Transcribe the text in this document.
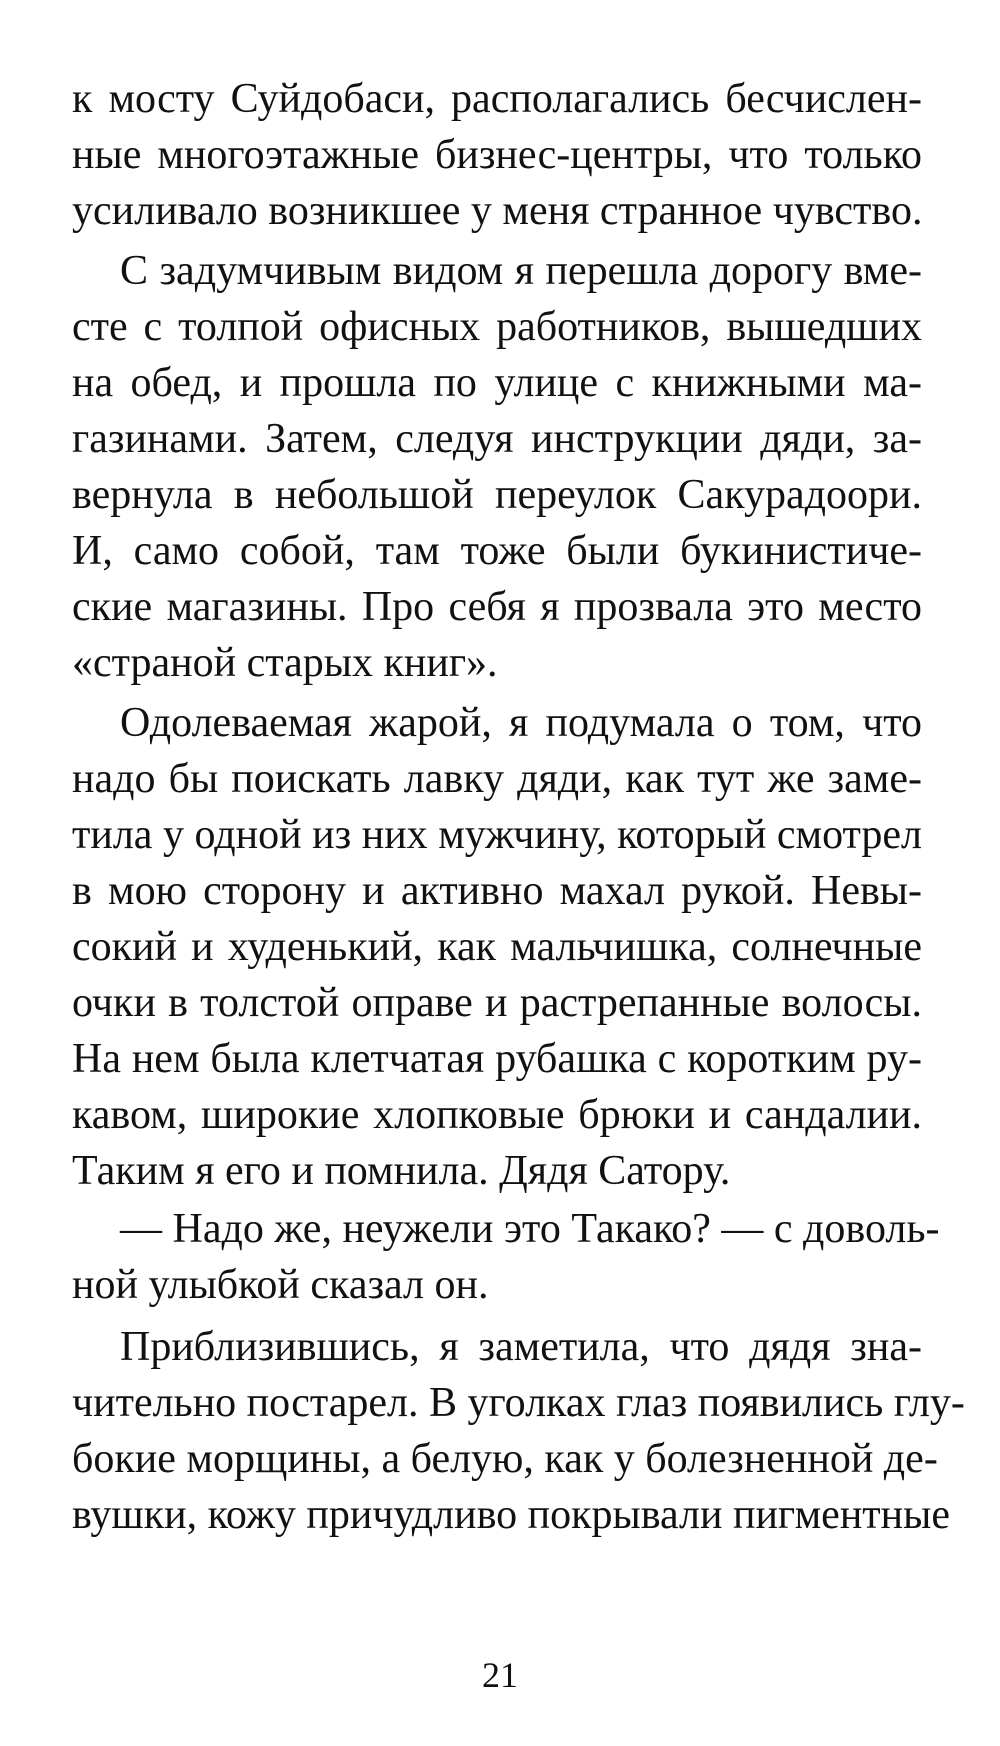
к мосту Суйдобаси, располагались бесчислен-
ные многоэтажные бизнес-центры, что только
усиливало возникшее у меня странное чувство.
С задумчивым видом я перешла дорогу вме-
сте с толпой офисных работников, вышедших
на обед, и прошла по улице с книжными ма-
газинами. Затем, следуя инструкции дяди, за-
вернула в небольшой переулок Сакурадоори.
И, само собой, там тоже были букинистиче-
ские магазины. Про себя я прозвала это место
«страной старых книг».
Одолеваемая жарой, я подумала о том, что
надо бы поискать лавку дяди, как тут же заме-
тила у одной из них мужчину, который смотрел
в мою сторону и активно махал рукой. Невы-
сокий и худенький, как мальчишка, солнечные
очки в толстой оправе и растрепанные волосы.
На нем была клетчатая рубашка с коротким ру-
кавом, широкие хлопковые брюки и сандалии.
Таким я его и помнила. Дядя Сатору.
— Надо же, неужели это Такако? — с доволь-
ной улыбкой сказал он.
Приблизившись, я заметила, что дядя зна-
чительно постарел. В уголках глаз появились глу-
бокие морщины, а белую, как у болезненной де-
вушки, кожу причудливо покрывали пигментные
21
